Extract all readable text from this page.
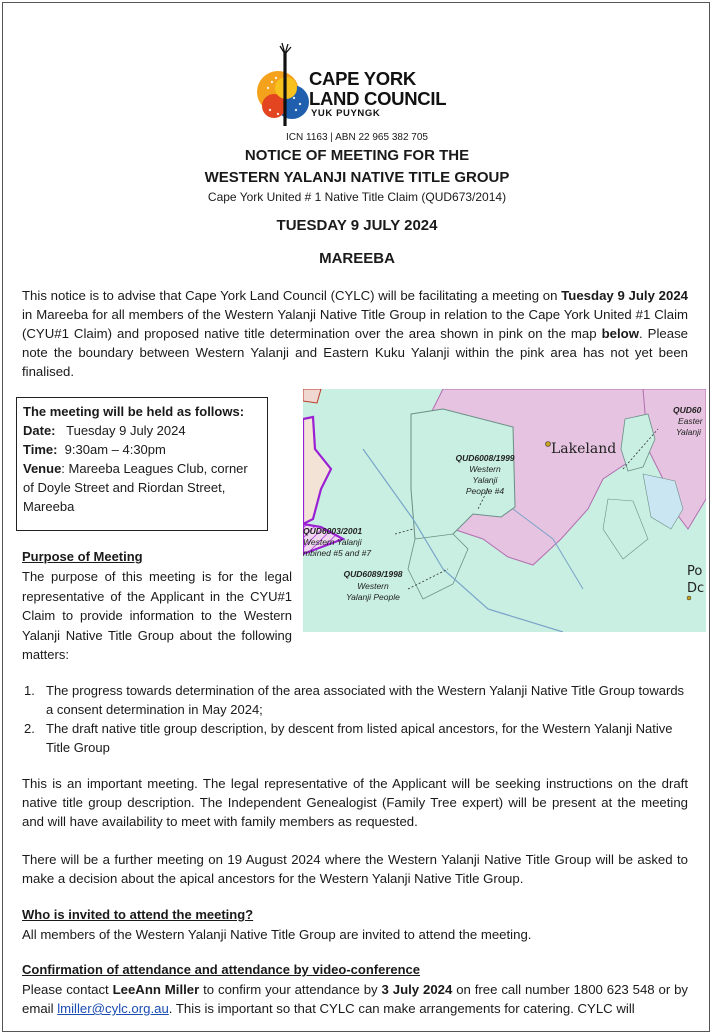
CAPE YORK
LAND COUNCIL
YUK PUYNGK
ICN 1163 | ABN 22 965 382 705
NOTICE OF MEETING FOR THE
WESTERN YALANJI NATIVE TITLE GROUP
Cape York United # 1 Native Title Claim (QUD673/2014)
TUESDAY 9 JULY 2024
MAREEBA

This notice is to advise that Cape York Land Council (CYLC) will be facilitating a meeting on Tuesday 9 July 2024 in Mareeba for all members of the Western Yalanji Native Title Group in relation to the Cape York United #1 Claim (CYU#1 Claim) and proposed native title determination over the area shown in pink on the map below. Please note the boundary between Western Yalanji and Eastern Kuku Yalanji within the pink area has not yet been finalised.

The meeting will be held as follows:
Date: Tuesday 9 July 2024
Time: 9:30am – 4:30pm
Venue: Mareeba Leagues Club, corner of Doyle Street and Riordan Street, Mareeba
Lakeland
QUD6008/1999
Western
Yalanji
People #4
QUD6089/1998
Western
Yalanji People
QUD6003/2001
Western Yalanji
mbined #5 and #7
QUD60
Easter
Yalanji
Po
Dc
Purpose of Meeting

The purpose of this meeting is for the legal representative of the Applicant in the CYU#1 Claim to provide information to the Western Yalanji Native Title Group about the following matters:

1. The progress towards determination of the area associated with the Western Yalanji Native Title Group towards a consent determination in May 2024;
2. The draft native title group description, by descent from listed apical ancestors, for the Western Yalanji Native Title Group

This is an important meeting. The legal representative of the Applicant will be seeking instructions on the draft native title group description. The Independent Genealogist (Family Tree expert) will be present at the meeting and will have availability to meet with family members as requested.

There will be a further meeting on 19 August 2024 where the Western Yalanji Native Title Group will be asked to make a decision about the apical ancestors for the Western Yalanji Native Title Group.

Who is invited to attend the meeting?

All members of the Western Yalanji Native Title Group are invited to attend the meeting.

Confirmation of attendance and attendance by video-conference

Please contact LeeAnn Miller to confirm your attendance by 3 July 2024 on free call number 1800 623 548 or by email lmiller@cylc.org.au. This is important so that CYLC can make arrangements for catering. CYLC will
